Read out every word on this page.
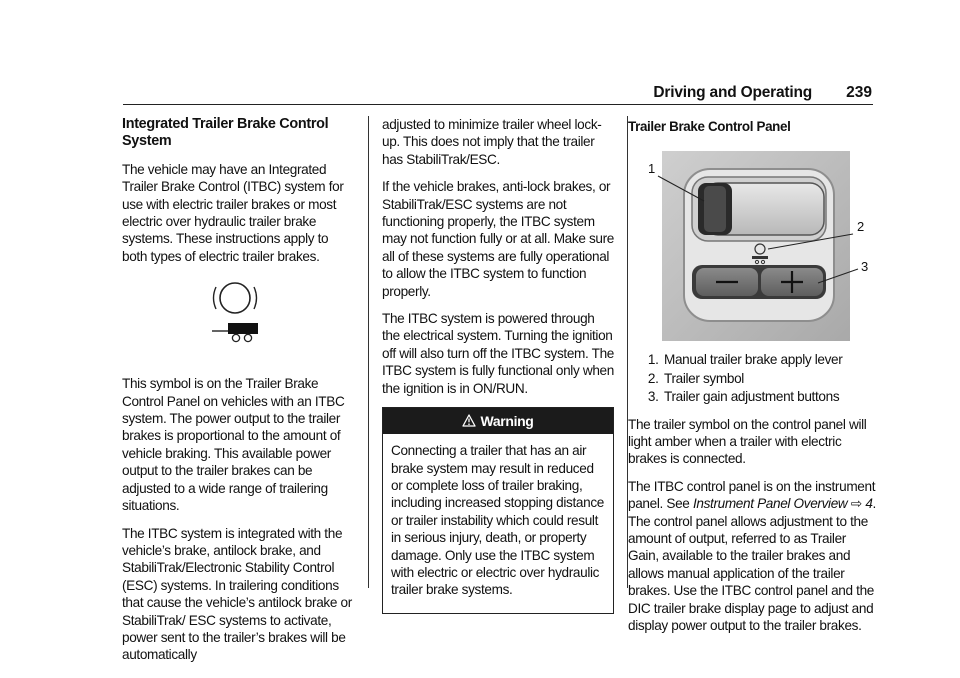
Driving and Operating 239
Integrated Trailer Brake Control System

The vehicle may have an Integrated Trailer Brake Control (ITBC) system for use with electric trailer brakes or most electric over hydraulic trailer brake systems. These instructions apply to both types of electric trailer brakes.

This symbol is on the Trailer Brake Control Panel on vehicles with an ITBC system. The power output to the trailer brakes is proportional to the amount of vehicle braking. This available power output to the trailer brakes can be adjusted to a wide range of trailering situations.

The ITBC system is integrated with the vehicle’s brake, antilock brake, and StabiliTrak/Electronic Stability Control (ESC) systems. In trailering conditions that cause the vehicle’s antilock brake or StabiliTrak/ ESC systems to activate, power sent to the trailer’s brakes will be automatically

adjusted to minimize trailer wheel lock-up. This does not imply that the trailer has StabiliTrak/ESC.

If the vehicle brakes, anti-lock brakes, or StabiliTrak/ESC systems are not functioning properly, the ITBC system may not function fully or at all. Make sure all of these systems are fully operational to allow the ITBC system to function properly.

The ITBC system is powered through the electrical system. Turning the ignition off will also turn off the ITBC system. The ITBC system is fully functional only when the ignition is in ON/RUN.

Warning
Connecting a trailer that has an air brake system may result in reduced or complete loss of trailer braking, including increased stopping distance or trailer instability which could result in serious injury, death, or property damage. Only use the ITBC system with electric or electric over hydraulic trailer brake systems.
Trailer Brake Control Panel
1
2
3
1. Manual trailer brake apply lever
2. Trailer symbol
3. Trailer gain adjustment buttons

The trailer symbol on the control panel will light amber when a trailer with electric brakes is connected.

The ITBC control panel is on the instrument panel. See Instrument Panel Overview ⇨ 4. The control panel allows adjustment to the amount of output, referred to as Trailer Gain, available to the trailer brakes and allows manual application of the trailer brakes. Use the ITBC control panel and the DIC trailer brake display page to adjust and display power output to the trailer brakes.
